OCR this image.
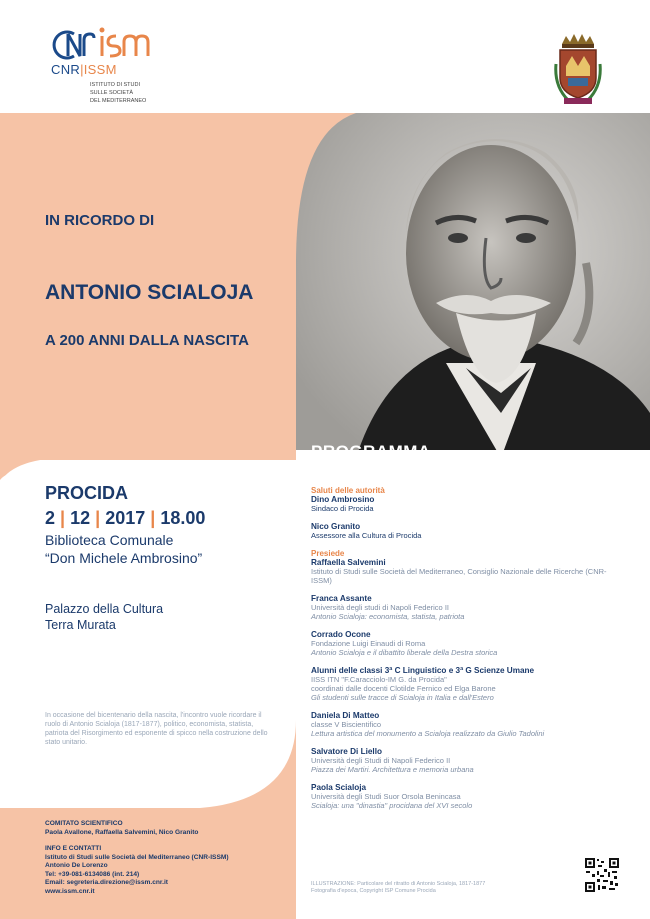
CNR|ISSM
ISTITUTO DI STUDI
SULLE SOCIETÀ
DEL MEDITERRANEO
IN RICORDO DI
ANTONIO SCIALOJA
A 200 ANNI DALLA NASCITA
PROGRAMMA
PROCIDA
2 | 12 | 2017 | 18.00
Biblioteca Comunale
“Don Michele Ambrosino”
Palazzo della Cultura
Terra Murata
In occasione del bicentenario della nascita, l'incontro vuole ricordare il ruolo di Antonio Scialoja (1817-1877), politico, economista, statista, patriota del Risorgimento ed esponente di spicco nella costruzione dello stato unitario.
COMITATO SCIENTIFICO
Paola Avallone, Raffaella Salvemini, Nico Granito
INFO E CONTATTI
Istituto di Studi sulle Società del Mediterraneo (CNR-ISSM)
Antonio De Lorenzo
Tel: +39-081-6134086 (int. 214)
Email: segreteria.direzione@issm.cnr.it
www.issm.cnr.it
Saluti delle autorità
Dino Ambrosino
Sindaco di Procida
Nico Granito
Assessore alla Cultura di Procida
Presiede
Raffaella Salvemini
Istituto di Studi sulle Società del Mediterraneo, Consiglio Nazionale delle Ricerche (CNR-ISSM)
Franca Assante
Università degli studi di Napoli Federico II
Antonio Scialoja: economista, statista, patriota
Corrado Ocone
Fondazione Luigi Einaudi di Roma
Antonio Scialoja e il dibattito liberale della Destra storica
Alunni delle classi 3ª C Linguistico e 3ª G Scienze Umane
IISS ITN "F.Caracciolo-IM G. da Procida"
coordinati dalle docenti Clotilde Fernico ed Elga Barone
Gli studenti sulle tracce di Scialoja in Italia e dall'Estero
Daniela Di Matteo
classe V Biscientifico
Lettura artistica del monumento a Scialoja realizzato da Giulio Tadolini
Salvatore Di Liello
Università degli Studi di Napoli Federico II
Piazza dei Martiri. Architettura e memoria urbana
Paola Scialoja
Università degli Studi Suor Orsola Benincasa
Scialoja: una "dinastia" procidana del XVI secolo
ILLUSTRAZIONE: Particolare del ritratto di Antonio Scialoja, 1817-1877
Fotografia d'epoca, Copyright ISP Comune Procida
